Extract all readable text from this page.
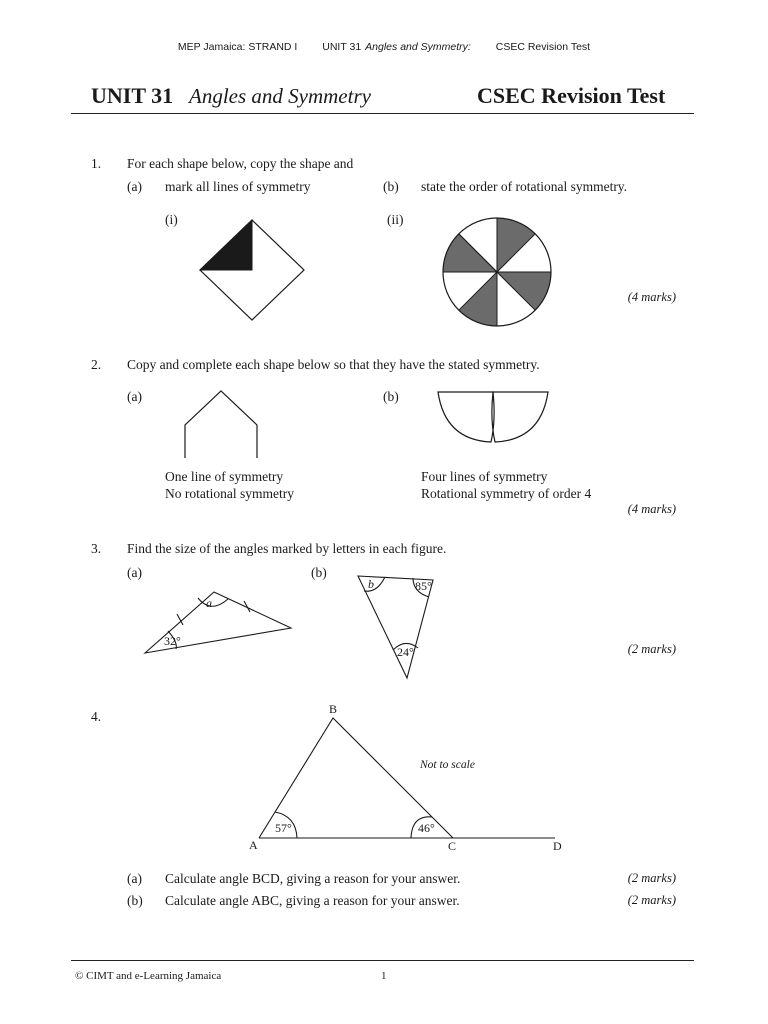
MEP Jamaica: STRAND I UNIT 31 Angles and Symmetry: CSEC Revision Test
UNIT 31 Angles and Symmetry	CSEC Revision Test
1. For each shape below, copy the shape and
(a) mark all lines of symmetry	(b) state the order of rotational symmetry.
(i)	(ii)
(4 marks)
2. Copy and complete each shape below so that they have the stated symmetry.
(a)	(b)
One line of symmetry
No rotational symmetry
Four lines of symmetry
Rotational symmetry of order 4
(4 marks)
3. Find the size of the angles marked by letters in each figure.
(a)	(b)
a
32°
b	85°
24°	(2 marks)
4.	B
A	C	D
57°	46°
Not to scale
(a) Calculate angle BCD, giving a reason for your answer.	(2 marks)
(b) Calculate angle ABC, giving a reason for your answer.	(2 marks)
© CIMT and e-Learning Jamaica	1
